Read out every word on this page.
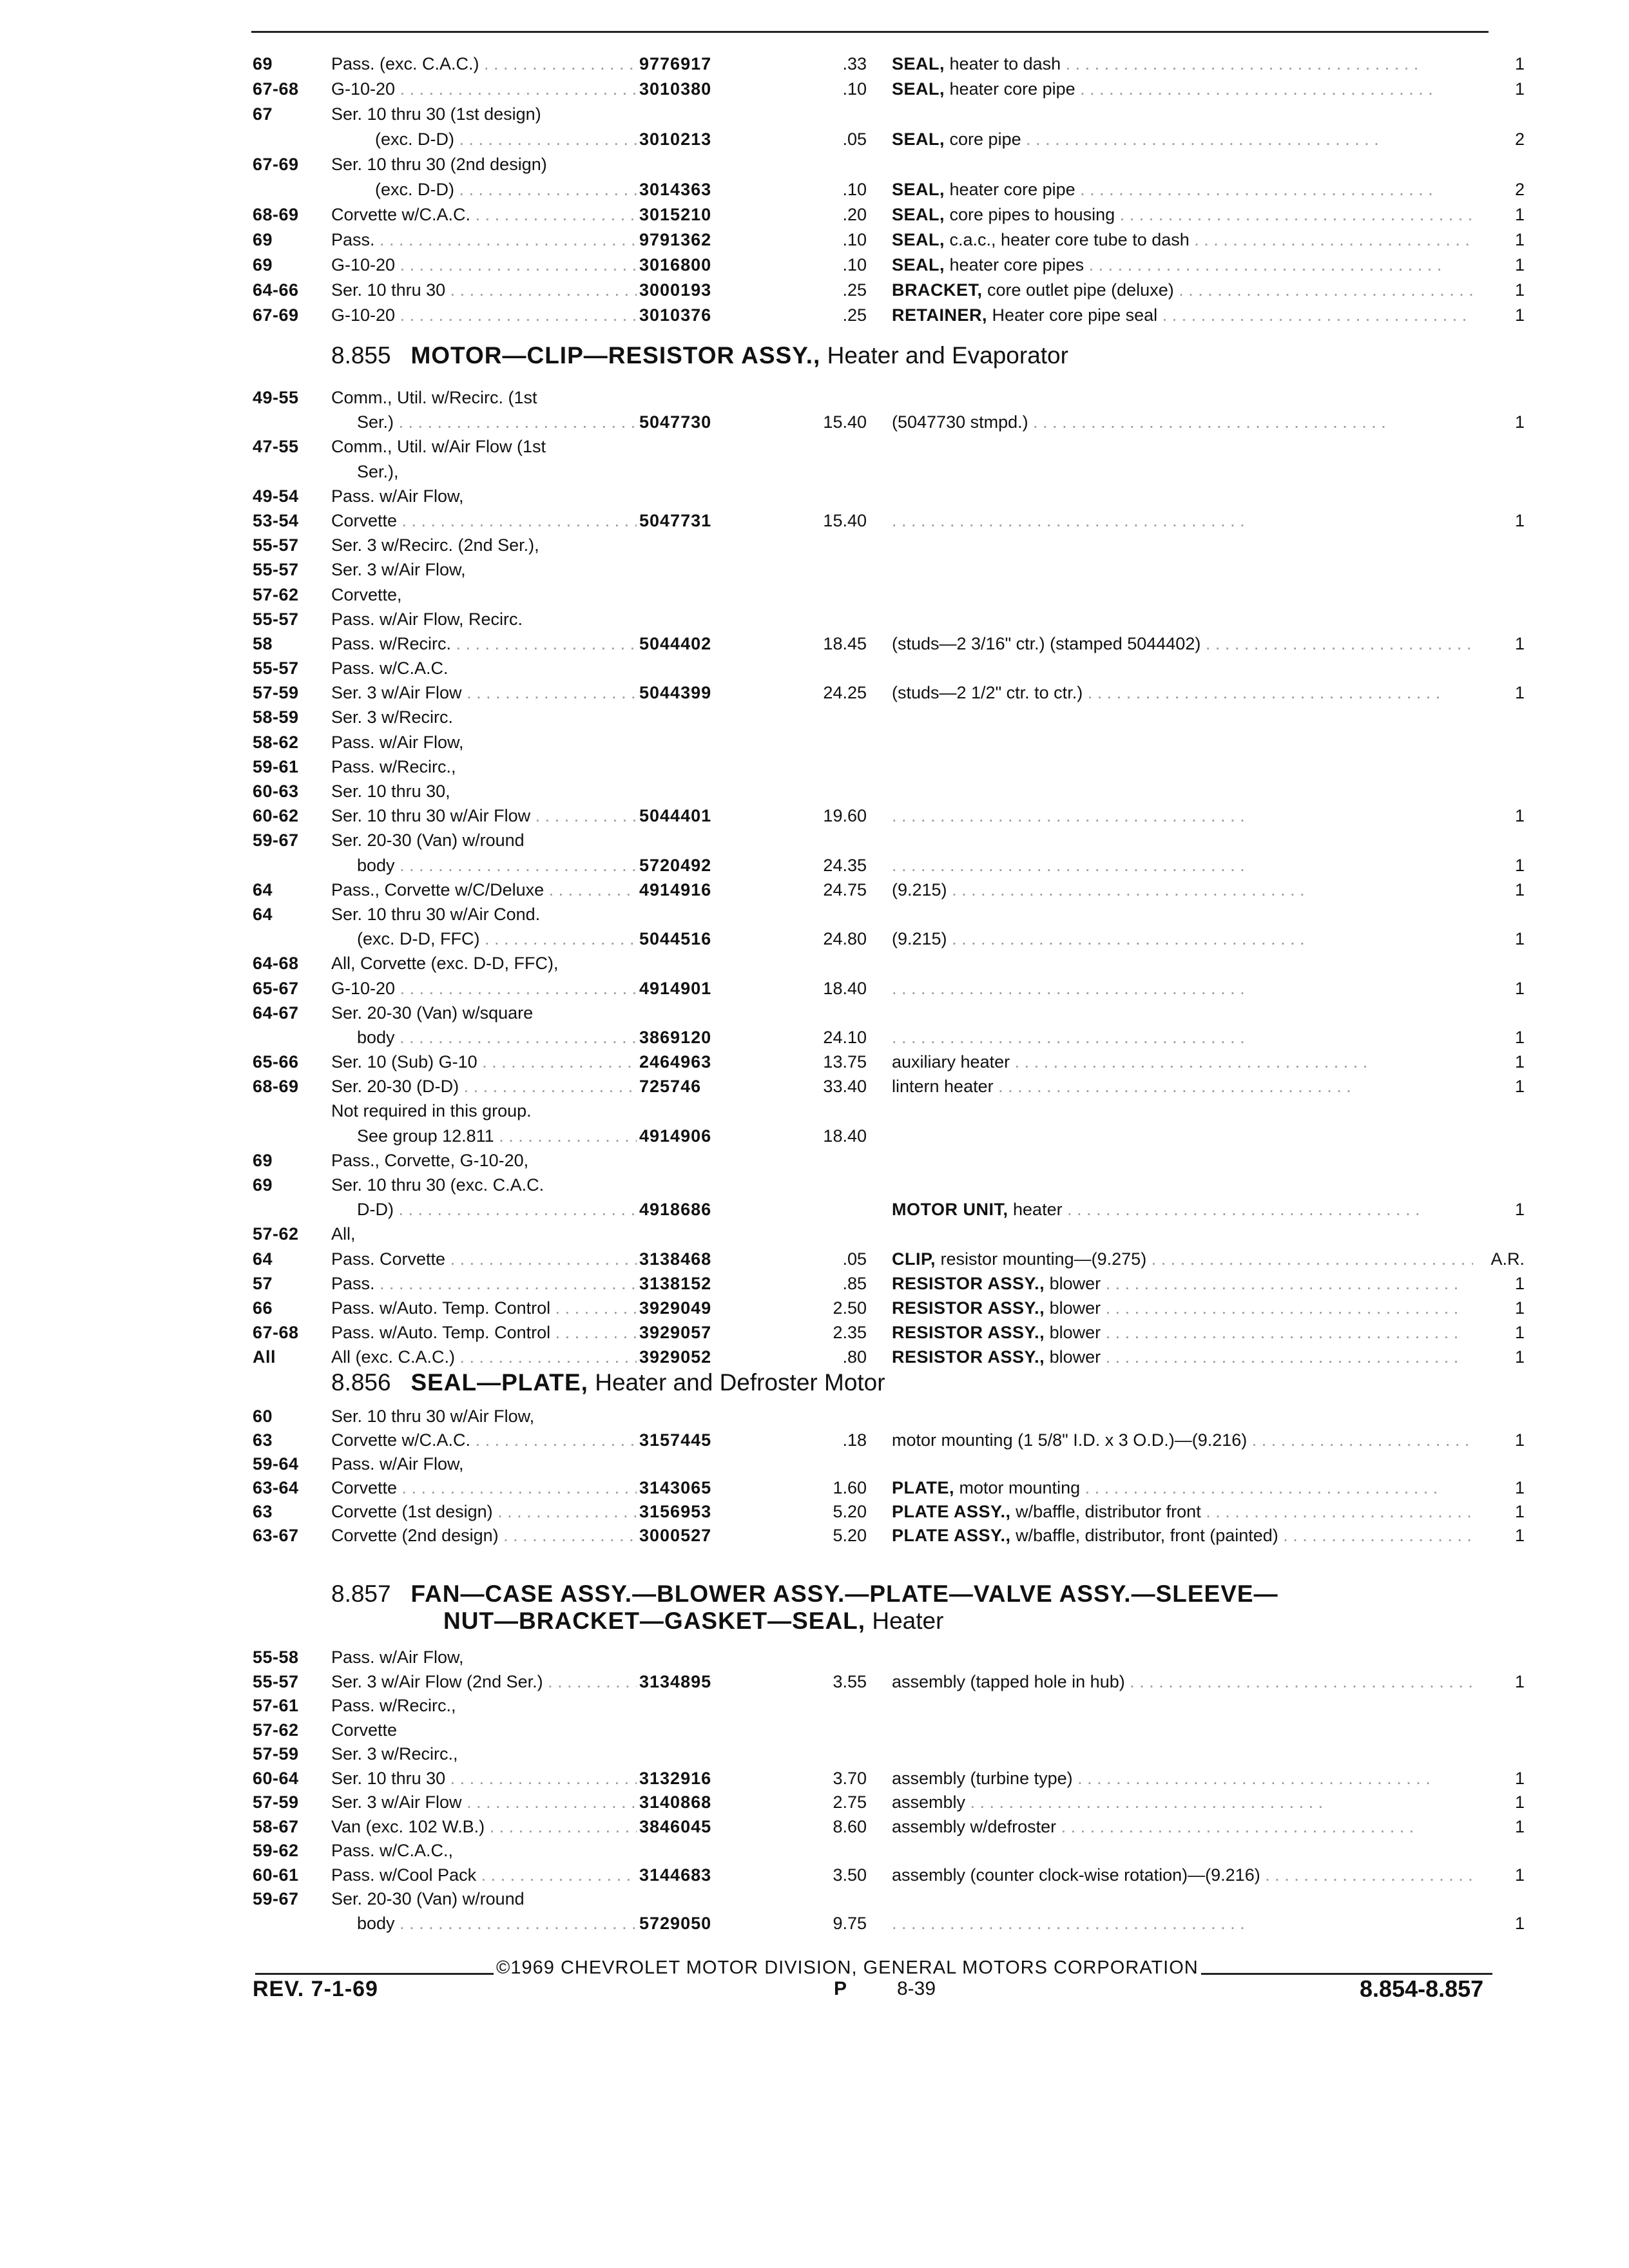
69	Pass. (exc. C.A.C.) . . .	9776917	.33 SEAL, heater to dash . . .	1
67-68 G-10-20 . . .	3010380	.10 SEAL, heater core pipe . . .	1
67	Ser. 10 thru 30 (1st design)
(exc. D-D) . . .	3010213	.05 SEAL, core pipe . . .	2
67-69 Ser. 10 thru 30 (2nd design)
(exc. D-D) . . .	3014363	.10 SEAL, heater core pipe . . .	2
68-69 Corvette w/C.A.C. . . .	3015210	.20 SEAL, core pipes to housing . . .	1
69	Pass. . . .	9791362	.10 SEAL, c.a.c., heater core tube to dash . . .	1
69	G-10-20 . . .	3016800	.10 SEAL, heater core pipes . . .	1
64-66 Ser. 10 thru 30 . . .	3000193	.25 BRACKET, core outlet pipe (deluxe) . . .	1
67-69 G-10-20 . . .	3010376	.25 RETAINER, Heater core pipe seal . . .	1
8.855 MOTOR—CLIP—RESISTOR ASSY., Heater and Evaporator
49-55 Comm., Util. w/Recirc. (1st
Ser.) . . .	5047730	15.40 (5047730 stmpd.) . . .	1
47-55 Comm., Util. w/Air Flow (1st
Ser.),
49-54 Pass. w/Air Flow,
53-54 Corvette . . .	5047731	15.40 . . .	1
55-57 Ser. 3 w/Recirc. (2nd Ser.),
55-57 Ser. 3 w/Air Flow,
57-62 Corvette,
55-57 Pass. w/Air Flow, Recirc.
58	Pass. w/Recirc. . . .	5044402	18.45 (studs—2 3/16" ctr.) (stamped 5044402) . . .	1
55-57 Pass. w/C.A.C.
57-59 Ser. 3 w/Air Flow . . .	5044399	24.25 (studs—2 1/2" ctr. to ctr.) . . .	1
58-59 Ser. 3 w/Recirc.
58-62 Pass. w/Air Flow,
59-61 Pass. w/Recirc.,
60-63 Ser. 10 thru 30,
60-62 Ser. 10 thru 30 w/Air Flow . . .	5044401	19.60 . . .	1
59-67 Ser. 20-30 (Van) w/round
body . . .	5720492	24.35 . . .	1
64	Pass., Corvette w/C/Deluxe . . .	4914916	24.75 (9.215) . . .	1
64	Ser. 10 thru 30 w/Air Cond.
(exc. D-D, FFC) . . .	5044516	24.80 (9.215) . . .	1
64-68 All, Corvette (exc. D-D, FFC),
65-67 G-10-20 . . .	4914901	18.40 . . .	1
64-67 Ser. 20-30 (Van) w/square
body . . .	3869120	24.10 . . .	1
65-66 Ser. 10 (Sub) G-10 . . .	2464963	13.75 auxiliary heater . . .	1
68-69 Ser. 20-30 (D-D) . . .	725746	33.40 lintern heater . . .	1
Not required in this group.
See group 12.811 . . .	4914906	18.40
69	Pass., Corvette, G-10-20,
69	Ser. 10 thru 30 (exc. C.A.C.
D-D) . . .	4918686	MOTOR UNIT, heater . . .	1
57-62 All,
64	Pass. Corvette . . .	3138468	.05 CLIP, resistor mounting—(9.275) . . .	A.R.
57	Pass. . . .	3138152	.85 RESISTOR ASSY., blower . . .	1
66	Pass. w/Auto. Temp. Control . . .	3929049	2.50 RESISTOR ASSY., blower . . .	1
67-68 Pass. w/Auto. Temp. Control . . .	3929057	2.35 RESISTOR ASSY., blower . . .	1
All	All (exc. C.A.C.) . . .	3929052	.80 RESISTOR ASSY., blower . . .	1
8.856 SEAL—PLATE, Heater and Defroster Motor
60	Ser. 10 thru 30 w/Air Flow,
63	Corvette w/C.A.C. . . .	3157445	.18 motor mounting (1 5/8" I.D. x 3 O.D.)—(9.216) . . .	1
59-64 Pass. w/Air Flow,
63-64 Corvette . . .	3143065	1.60 PLATE, motor mounting . . .	1
63	Corvette (1st design) . . .	3156953	5.20 PLATE ASSY., w/baffle, distributor front . . .	1
63-67 Corvette (2nd design) . . .	3000527	5.20 PLATE ASSY., w/baffle, distributor, front (painted) . . .	1
8.857 FAN—CASE ASSY.—BLOWER ASSY.—PLATE—VALVE ASSY.—SLEEVE—
NUT—BRACKET—GASKET—SEAL, Heater
55-58 Pass. w/Air Flow,
55-57 Ser. 3 w/Air Flow (2nd Ser.) . . .	3134895	3.55 assembly (tapped hole in hub) . . .	1
57-61 Pass. w/Recirc.,
57-62 Corvette
57-59 Ser. 3 w/Recirc.,
60-64 Ser. 10 thru 30 . . .	3132916	3.70 assembly (turbine type) . . .	1
57-59 Ser. 3 w/Air Flow . . .	3140868	2.75 assembly . . .	1
58-67 Van (exc. 102 W.B.) . . .	3846045	8.60 assembly w/defroster . . .	1
59-62 Pass. w/C.A.C.,
60-61 Pass. w/Cool Pack . . .	3144683	3.50 assembly (counter clock-wise rotation)—(9.216) . . .	1
59-67 Ser. 20-30 (Van) w/round
body . . .	5729050	9.75 . . .	1
©1969 CHEVROLET MOTOR DIVISION, GENERAL MOTORS CORPORATION
REV. 7-1-69	P	8-39	8.854-8.857
